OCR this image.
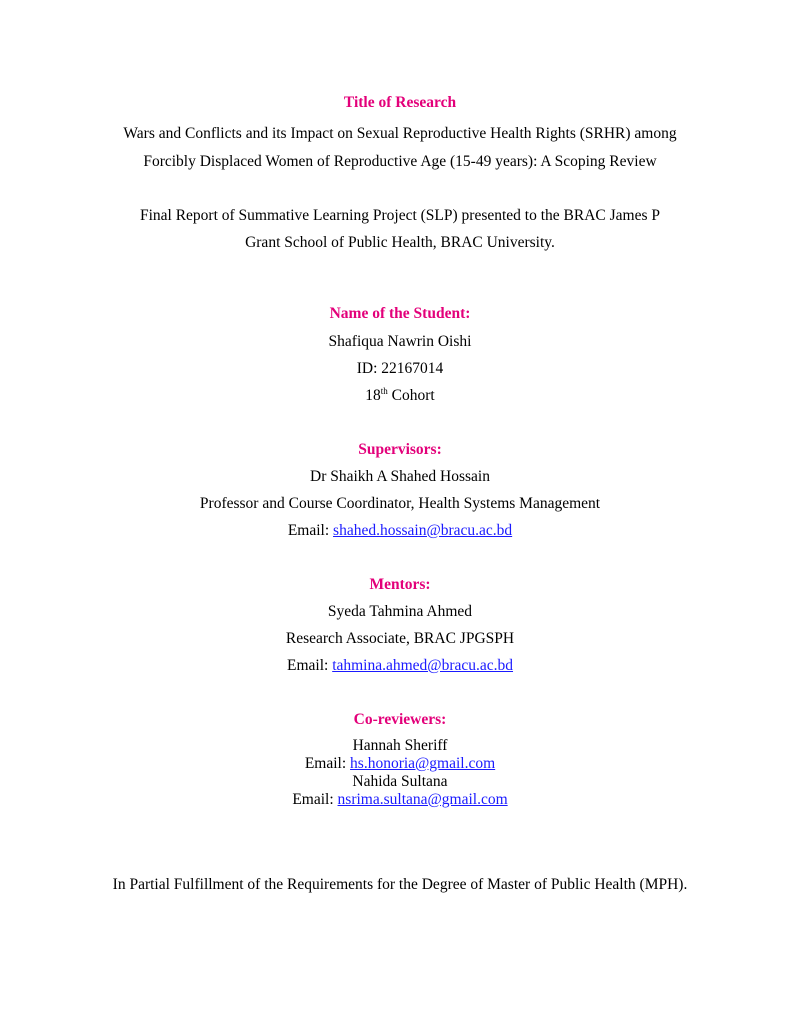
Title of Research
Wars and Conflicts and its Impact on Sexual Reproductive Health Rights (SRHR) among
Forcibly Displaced Women of Reproductive Age (15-49 years): A Scoping Review
Final Report of Summative Learning Project (SLP) presented to the BRAC James P
Grant School of Public Health, BRAC University.
Name of the Student:
Shafiqua Nawrin Oishi
ID: 22167014
18th Cohort
Supervisors:
Dr Shaikh A Shahed Hossain
Professor and Course Coordinator, Health Systems Management
Email: shahed.hossain@bracu.ac.bd
Mentors:
Syeda Tahmina Ahmed
Research Associate, BRAC JPGSPH
Email: tahmina.ahmed@bracu.ac.bd
Co-reviewers:
Hannah Sheriff
Email: hs.honoria@gmail.com
Nahida Sultana
Email: nsrima.sultana@gmail.com
In Partial Fulfillment of the Requirements for the Degree of Master of Public Health (MPH).
